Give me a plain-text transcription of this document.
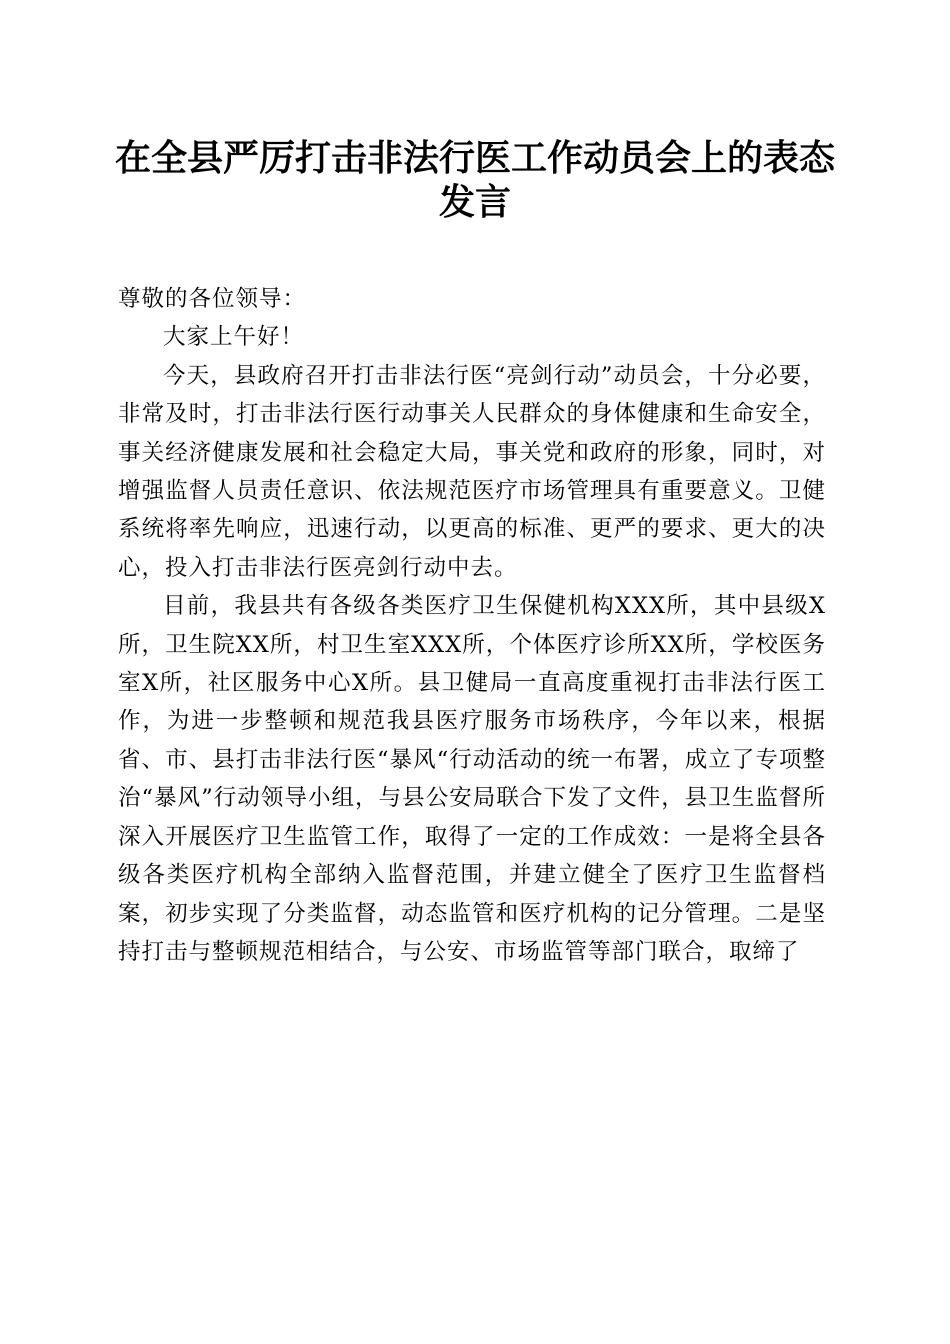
在全县严厉打击非法行医工作动员会上的表态发言

尊敬的各位领导：

大家上午好！

今天，县政府召开打击非法行医“亮剑行动”动员会，十分必要，非常及时，打击非法行医行动事关人民群众的身体健康和生命安全，事关经济健康发展和社会稳定大局，事关党和政府的形象，同时，对增强监督人员责任意识、依法规范医疗市场管理具有重要意义。卫健系统将率先响应，迅速行动，以更高的标准、更严的要求、更大的决心，投入打击非法行医亮剑行动中去。

目前，我县共有各级各类医疗卫生保健机构XXX所，其中县级X所，卫生院XX所，村卫生室XXX所，个体医疗诊所XX所，学校医务室X所，社区服务中心X所。县卫健局一直高度重视打击非法行医工作，为进一步整顿和规范我县医疗服务市场秩序，今年以来，根据省、市、县打击非法行医“暴风“行动活动的统一布署，成立了专项整治“暴风”行动领导小组，与县公安局联合下发了文件，县卫生监督所深入开展医疗卫生监管工作，取得了一定的工作成效：一是将全县各级各类医疗机构全部纳入监督范围，并建立健全了医疗卫生监督档案，初步实现了分类监督，动态监管和医疗机构的记分管理。二是坚持打击与整顿规范相结合，与公安、市场监管等部门联合，取缔了
